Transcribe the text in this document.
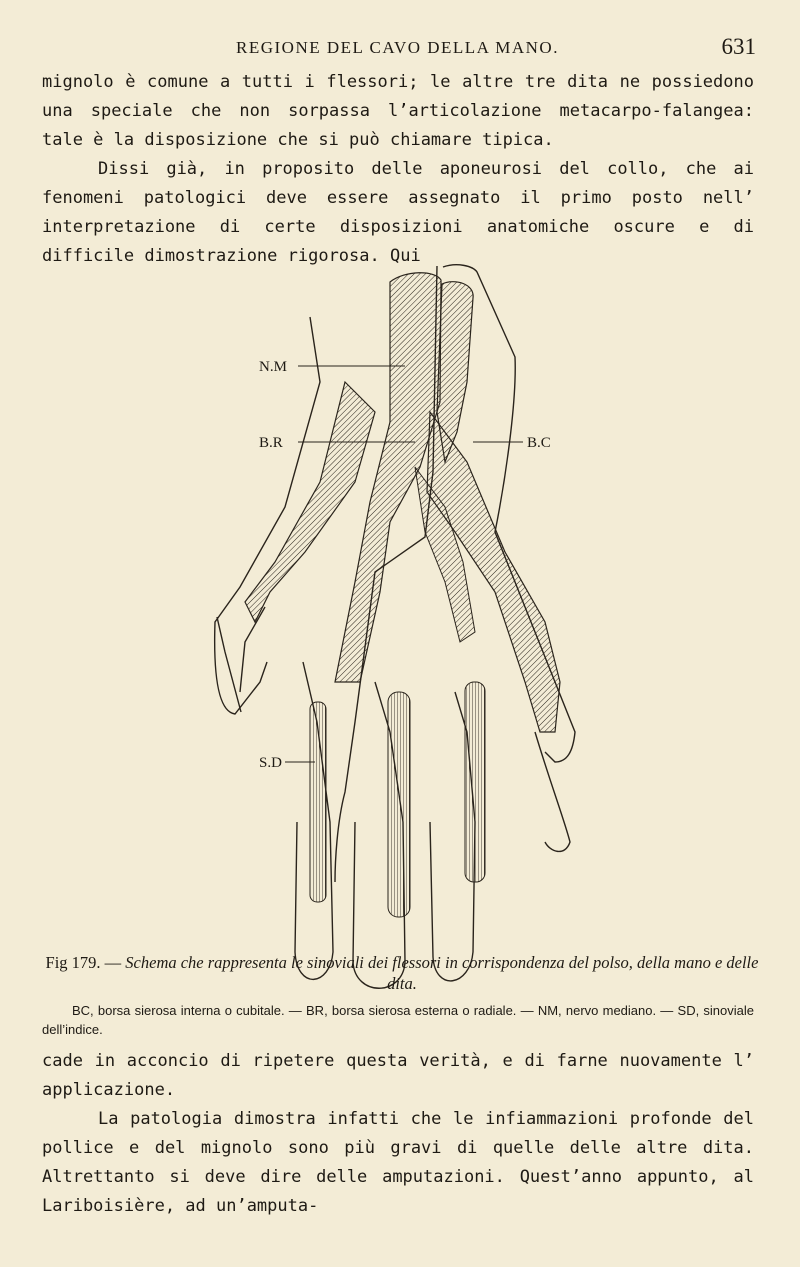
REGIONE DEL CAVO DELLA MANO.	631

mignolo è comune a tutti i flessori; le altre tre dita ne possiedono una speciale che non sorpassa l’articolazione metacarpo-falangea: tale è la disposizione che si può chiamare tipica.

Dissi già, in proposito delle aponeurosi del collo, che ai fenomeni patologici deve essere assegnato il primo posto nell’ interpretazione di certe disposizioni anatomiche oscure e di difficile dimostrazione rigorosa. Qui

N.M
B.R	B.C
S.D
Fig 179. — Schema che rappresenta le sinoviali dei flessori in corrispondenza del polso, della mano e delle dita.
BC, borsa sierosa interna o cubitale. — BR, borsa sierosa esterna o radiale. — NM, nervo mediano. — SD, sinoviale dell’indice.

cade in acconcio di ripetere questa verità, e di farne nuovamente l’ applicazione.

La patologia dimostra infatti che le infiammazioni profonde del pollice e del mignolo sono più gravi di quelle delle altre dita. Altrettanto si deve dire delle amputazioni. Quest’anno appunto, al Lariboisière, ad un’amputa-
